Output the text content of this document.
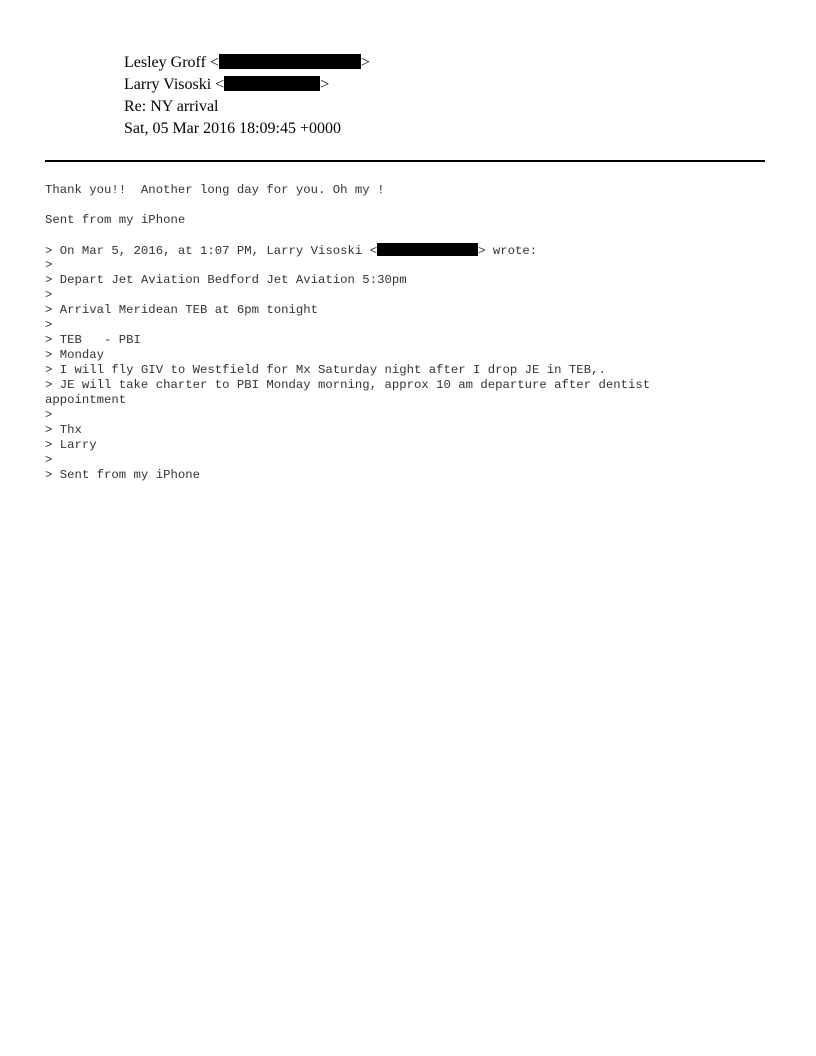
Lesley Groff <	>
Larry Visoski <	>
Re: NY arrival
Sat, 05 Mar 2016 18:09:45 +0000
Thank you!!  Another long day for you. Oh my !
Sent from my iPhone
> On Mar 5, 2016, at 1:07 PM, Larry Visoski <	> wrote:
>
> Depart Jet Aviation Bedford Jet Aviation 5:30pm
>
> Arrival Meridean TEB at 6pm tonight
>
> TEB   - PBI
> Monday
> I will fly GIV to Westfield for Mx Saturday night after I drop JE in TEB,.
> JE will take charter to PBI Monday morning, approx 10 am departure after dentist
appointment
>
> Thx
> Larry
>
> Sent from my iPhone
